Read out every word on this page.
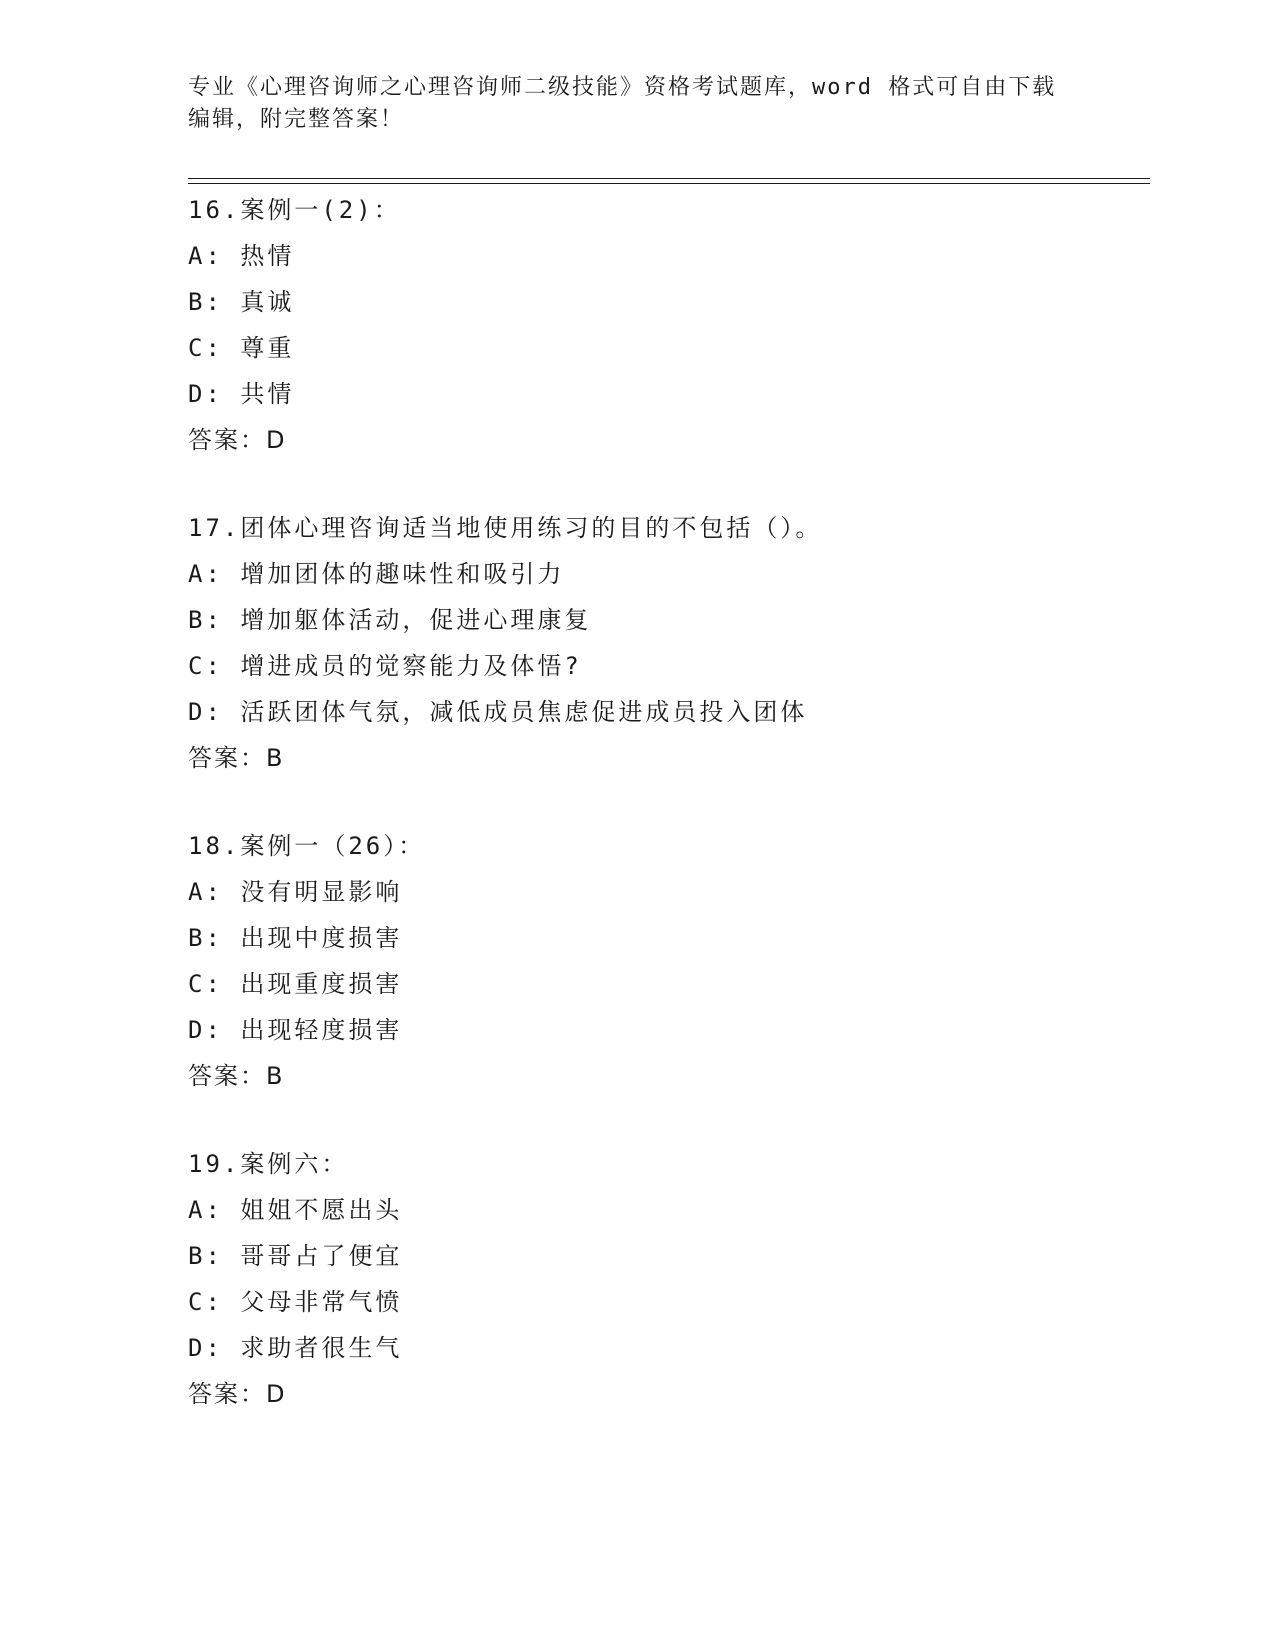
专业《心理咨询师之心理咨询师二级技能》资格考试题库，word 格式可自由下载
编辑，附完整答案！
16.案例一(2)：
A: 热情
B: 真诚
C: 尊重
D: 共情
答案：D
17.团体心理咨询适当地使用练习的目的不包括（）。
A: 增加团体的趣味性和吸引力
B: 增加躯体活动，促进心理康复
C: 增进成员的觉察能力及体悟?
D: 活跃团体气氛，减低成员焦虑促进成员投入团体
答案：B
18.案例一（26）：
A: 没有明显影响
B: 出现中度损害
C: 出现重度损害
D: 出现轻度损害
答案：B
19.案例六：
A: 姐姐不愿出头
B: 哥哥占了便宜
C: 父母非常气愤
D: 求助者很生气
答案：D
